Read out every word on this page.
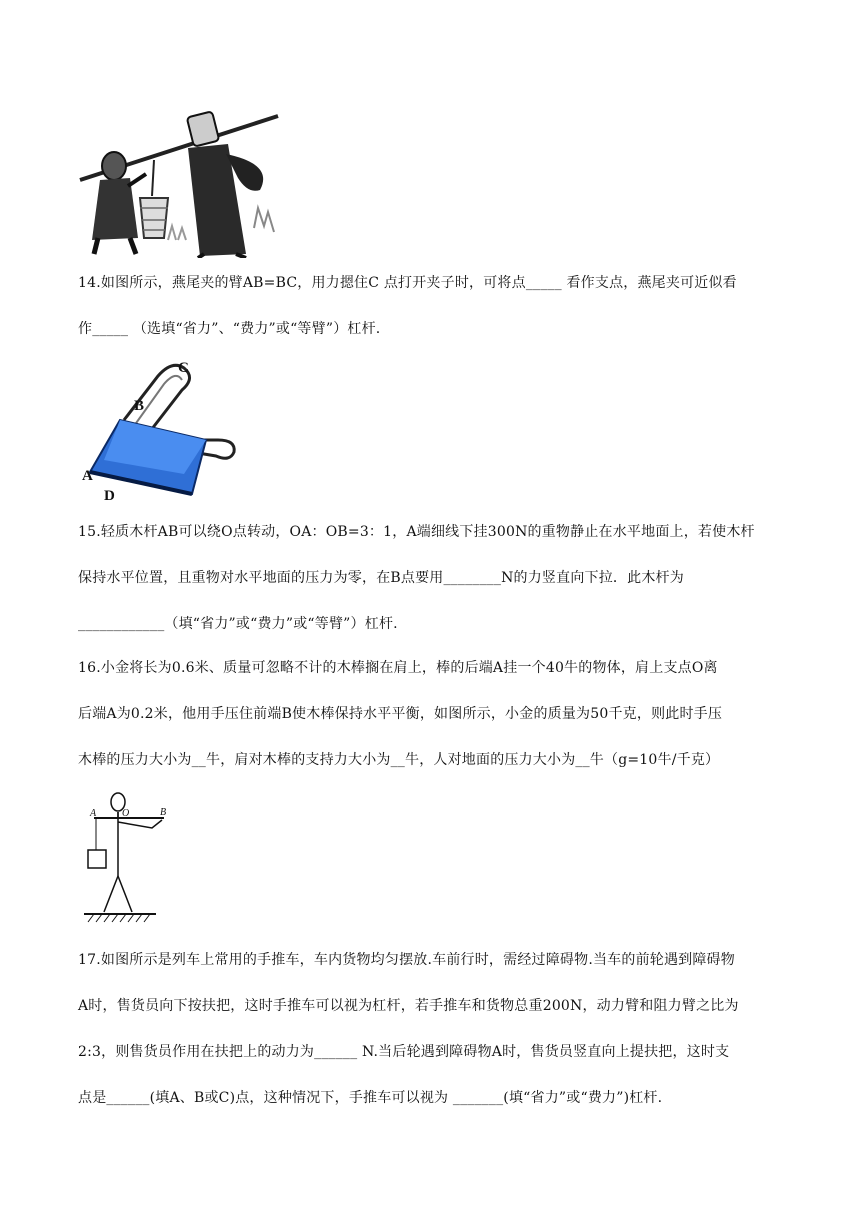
14.如图所示，燕尾夹的臂AB=BC，用力摁住C 点打开夹子时，可将点_____ 看作支点，燕尾夹可近似看
作_____ （选填“省力”、“费力”或“等臂”）杠杆.
C
B
A
D
15.轻质木杆AB可以绕O点转动，OA：OB=3：1，A端细线下挂300N的重物静止在水平地面上，若使木杆
保持水平位置，且重物对水平地面的压力为零，在B点要用________N的力竖直向下拉．此木杆为
____________（填“省力”或“费力”或“等臂”）杠杆.
16.小金将长为0.6米、质量可忽略不计的木棒搁在肩上，棒的后端A挂一个40牛的物体，肩上支点O离
后端A为0.2米，他用手压住前端B使木棒保持水平平衡，如图所示，小金的质量为50千克，则此时手压
木棒的压力大小为__牛，肩对木棒的支持力大小为__牛，人对地面的压力大小为__牛（g=10牛/千克）
A	O	B
17.如图所示是列车上常用的手推车，车内货物均匀摆放.车前行时，需经过障碍物.当车的前轮遇到障碍物
A时，售货员向下按扶把，这时手推车可以视为杠杆，若手推车和货物总重200N，动力臂和阻力臂之比为
2:3，则售货员作用在扶把上的动力为______ N.当后轮遇到障碍物A时，售货员竖直向上提扶把，这时支
点是______(填A、B或C)点，这种情况下，手推车可以视为 _______(填“省力”或“费力”)杠杆.
